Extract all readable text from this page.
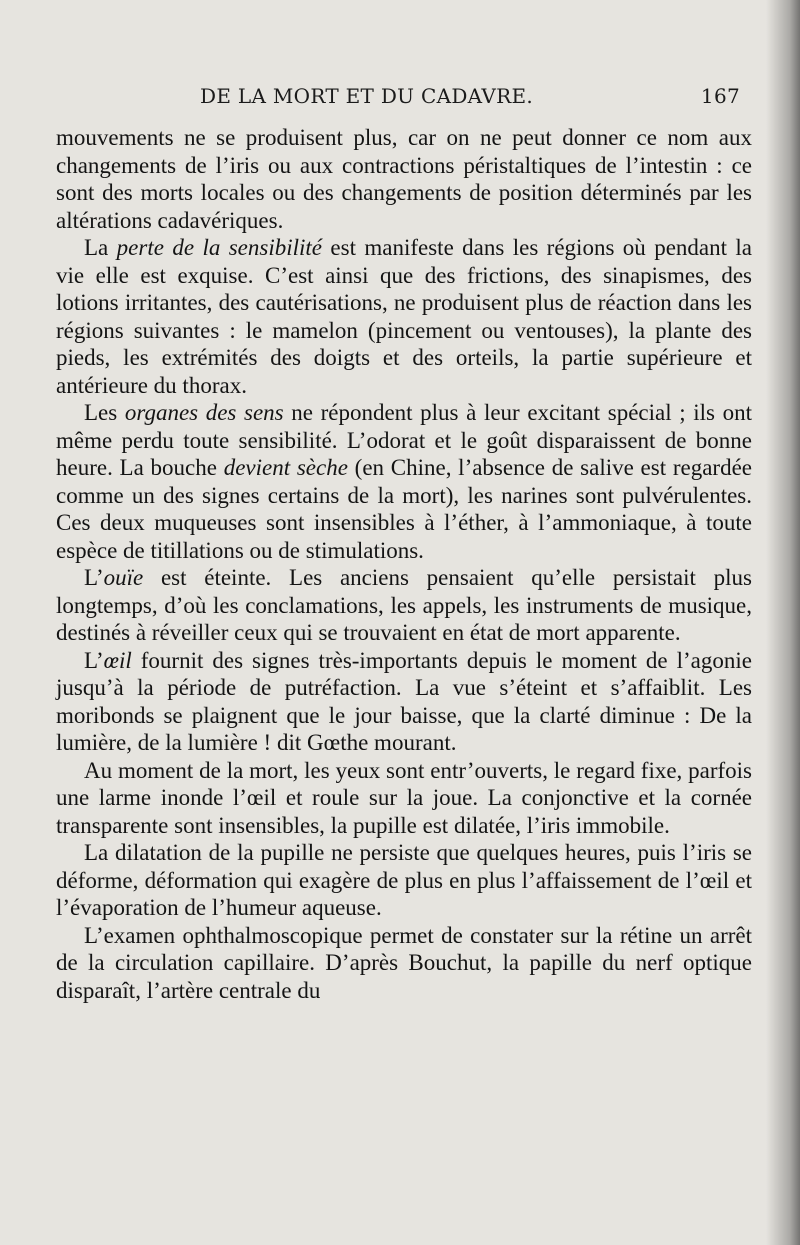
DE LA MORT ET DU CADAVRE.	167

mouvements ne se produisent plus, car on ne peut donner ce nom aux changements de l’iris ou aux contractions péristaltiques de l’intestin : ce sont des morts locales ou des changements de position déterminés par les altérations cadavériques.

La perte de la sensibilité est manifeste dans les régions où pendant la vie elle est exquise. C’est ainsi que des frictions, des sinapismes, des lotions irritantes, des cautérisations, ne produisent plus de réaction dans les régions suivantes : le mamelon (pincement ou ventouses), la plante des pieds, les extrémités des doigts et des orteils, la partie supérieure et antérieure du thorax.

Les organes des sens ne répondent plus à leur excitant spécial ; ils ont même perdu toute sensibilité. L’odorat et le goût disparaissent de bonne heure. La bouche devient sèche (en Chine, l’absence de salive est regardée comme un des signes certains de la mort), les narines sont pulvérulentes. Ces deux muqueuses sont insensibles à l’éther, à l’ammoniaque, à toute espèce de titillations ou de stimulations.

L’ouïe est éteinte. Les anciens pensaient qu’elle persistait plus longtemps, d’où les conclamations, les appels, les instruments de musique, destinés à réveiller ceux qui se trouvaient en état de mort apparente.

L’œil fournit des signes très-importants depuis le moment de l’agonie jusqu’à la période de putréfaction. La vue s’éteint et s’affaiblit. Les moribonds se plaignent que le jour baisse, que la clarté diminue : De la lumière, de la lumière ! dit Gœthe mourant.

Au moment de la mort, les yeux sont entr’ouverts, le regard fixe, parfois une larme inonde l’œil et roule sur la joue. La conjonctive et la cornée transparente sont insensibles, la pupille est dilatée, l’iris immobile.

La dilatation de la pupille ne persiste que quelques heures, puis l’iris se déforme, déformation qui exagère de plus en plus l’affaissement de l’œil et l’évaporation de l’humeur aqueuse.

L’examen ophthalmoscopique permet de constater sur la rétine un arrêt de la circulation capillaire. D’après Bouchut, la papille du nerf optique disparaît, l’artère centrale du
